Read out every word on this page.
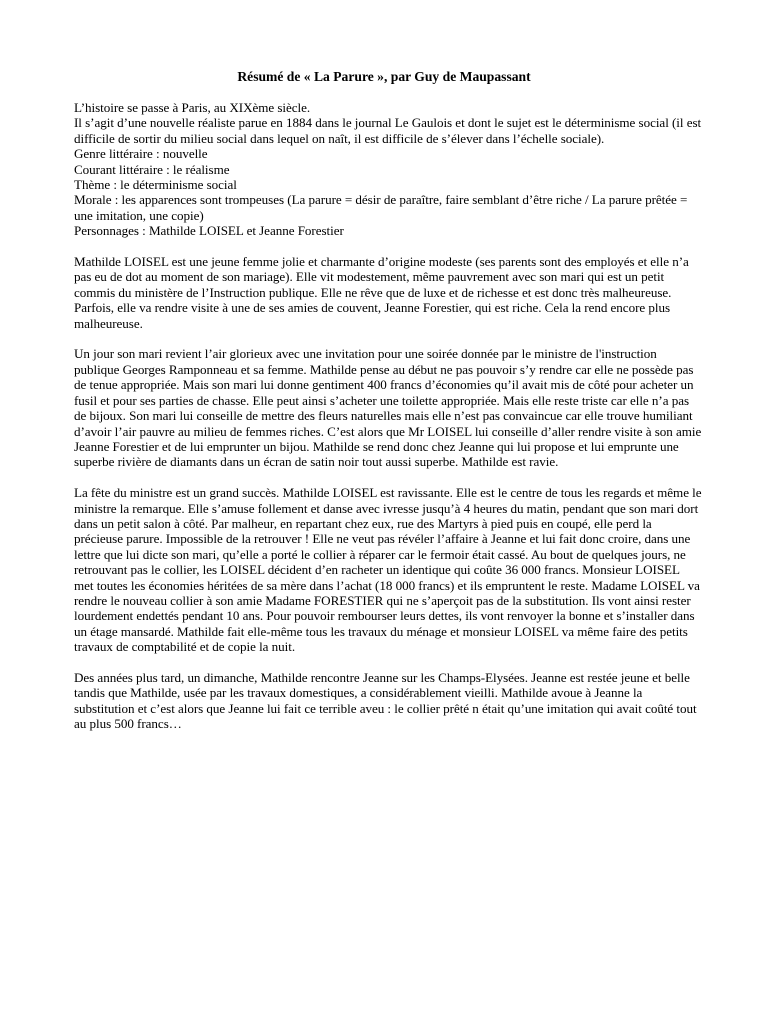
Résumé de « La Parure », par Guy de Maupassant
L’histoire se passe à Paris, au XIXème siècle.
Il s’agit d’une nouvelle réaliste parue en 1884 dans le journal Le Gaulois et dont le sujet est le déterminisme social (il est difficile de sortir du milieu social dans lequel on naît, il est difficile de s’élever dans l’échelle sociale).
Genre littéraire : nouvelle
Courant littéraire : le réalisme
Thème : le déterminisme social
Morale : les apparences sont trompeuses (La parure = désir de paraître, faire semblant d’être riche / La parure prêtée = une imitation, une copie)
Personnages : Mathilde LOISEL et Jeanne Forestier

Mathilde LOISEL est une jeune femme jolie et charmante d’origine modeste (ses parents sont des employés et elle n’a pas eu de dot au moment de son mariage). Elle vit modestement, même pauvrement avec son mari qui est un petit commis du ministère de l’Instruction publique. Elle ne rêve que de luxe et de richesse et est donc très malheureuse. Parfois, elle va rendre visite à une de ses amies de couvent, Jeanne Forestier, qui est riche. Cela la rend encore plus malheureuse.

Un jour son mari revient l’air glorieux avec une invitation pour une soirée donnée par le ministre de l'instruction publique Georges Ramponneau et sa femme. Mathilde pense au début ne pas pouvoir s’y rendre car elle ne possède pas de tenue appropriée. Mais son mari lui donne gentiment 400 francs d’économies qu’il avait mis de côté pour acheter un fusil et pour ses parties de chasse. Elle peut ainsi s’acheter une toilette appropriée. Mais elle reste triste car elle n’a pas de bijoux. Son mari lui conseille de mettre des fleurs naturelles mais elle n’est pas convaincue car elle trouve humiliant d’avoir l’air pauvre au milieu de femmes riches. C’est alors que Mr LOISEL lui conseille d’aller rendre visite à son amie Jeanne Forestier et de lui emprunter un bijou. Mathilde se rend donc chez Jeanne qui lui propose et lui emprunte une superbe rivière de diamants dans un écran de satin noir tout aussi superbe. Mathilde est ravie.

La fête du ministre est un grand succès. Mathilde LOISEL est ravissante. Elle est le centre de tous les regards et même le ministre la remarque. Elle s’amuse follement et danse avec ivresse jusqu’à 4 heures du matin, pendant que son mari dort dans un petit salon à côté. Par malheur, en repartant chez eux, rue des Martyrs à pied puis en coupé, elle perd la précieuse parure. Impossible de la retrouver ! Elle ne veut pas révéler l’affaire à Jeanne et lui fait donc croire, dans une lettre que lui dicte son mari, qu’elle a porté le collier à réparer car le fermoir était cassé. Au bout de quelques jours, ne retrouvant pas le collier, les LOISEL décident d’en racheter un identique qui coûte 36 000 francs. Monsieur LOISEL met toutes les économies héritées de sa mère dans l’achat (18 000 francs) et ils empruntent le reste. Madame LOISEL va rendre le nouveau collier à son amie Madame FORESTIER qui ne s’aperçoit pas de la substitution. Ils vont ainsi rester lourdement endettés pendant 10 ans. Pour pouvoir rembourser leurs dettes, ils vont renvoyer la bonne et s’installer dans un étage mansardé. Mathilde fait elle-même tous les travaux du ménage et monsieur LOISEL va même faire des petits travaux de comptabilité et de copie la nuit.

Des années plus tard, un dimanche, Mathilde rencontre Jeanne sur les Champs-Elysées. Jeanne est restée jeune et belle tandis que Mathilde, usée par les travaux domestiques, a considérablement vieilli. Mathilde avoue à Jeanne la substitution et c’est alors que Jeanne lui fait ce terrible aveu : le collier prêté n était qu’une imitation qui avait coûté tout au plus 500 francs…
